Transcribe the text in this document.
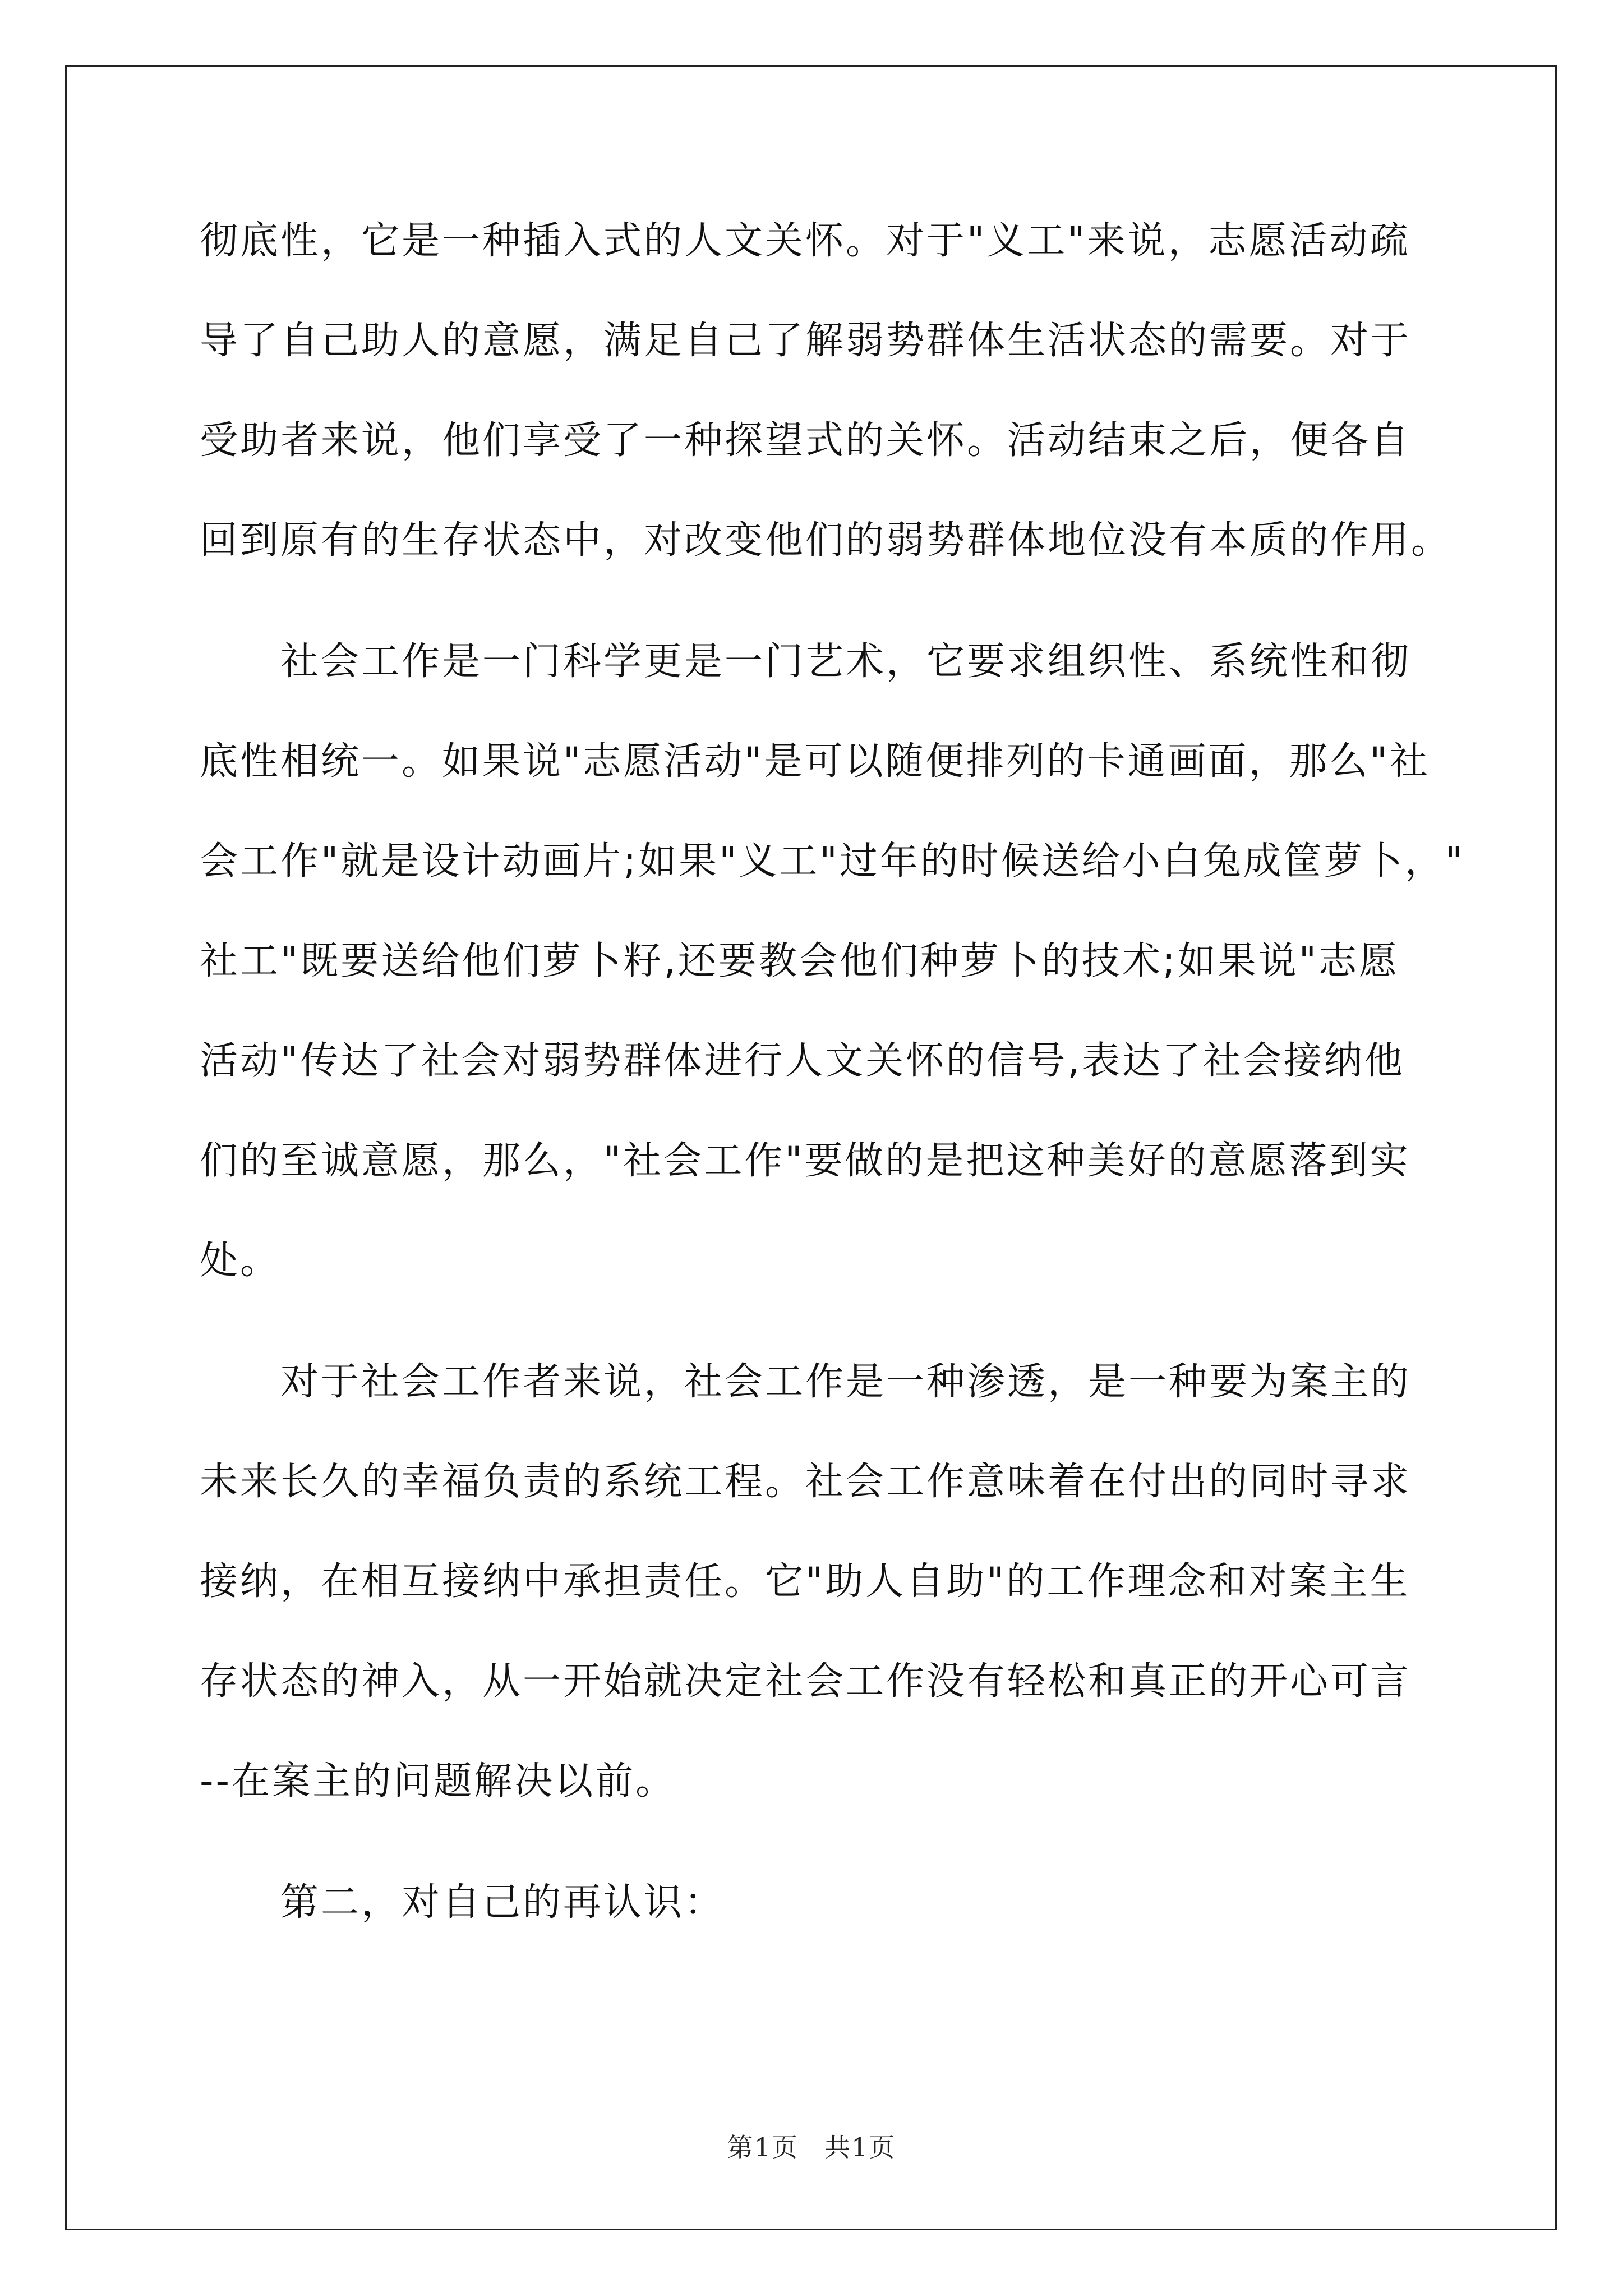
彻底性，它是一种插入式的人文关怀。对于"义工"来说，志愿活动疏
导了自己助人的意愿，满足自己了解弱势群体生活状态的需要。对于
受助者来说，他们享受了一种探望式的关怀。活动结束之后，便各自
回到原有的生存状态中，对改变他们的弱势群体地位没有本质的作用。
社会工作是一门科学更是一门艺术，它要求组织性、系统性和彻
底性相统一。如果说"志愿活动"是可以随便排列的卡通画面，那么"社
会工作"就是设计动画片;如果"义工"过年的时候送给小白兔成筐萝卜，"
社工"既要送给他们萝卜籽,还要教会他们种萝卜的技术;如果说"志愿
活动"传达了社会对弱势群体进行人文关怀的信号,表达了社会接纳他
们的至诚意愿，那么，"社会工作"要做的是把这种美好的意愿落到实
处。
对于社会工作者来说，社会工作是一种渗透，是一种要为案主的
未来长久的幸福负责的系统工程。社会工作意味着在付出的同时寻求
接纳，在相互接纳中承担责任。它"助人自助"的工作理念和对案主生
存状态的神入，从一开始就决定社会工作没有轻松和真正的开心可言
--在案主的问题解决以前。
第二，对自己的再认识：
第1页 共1页
